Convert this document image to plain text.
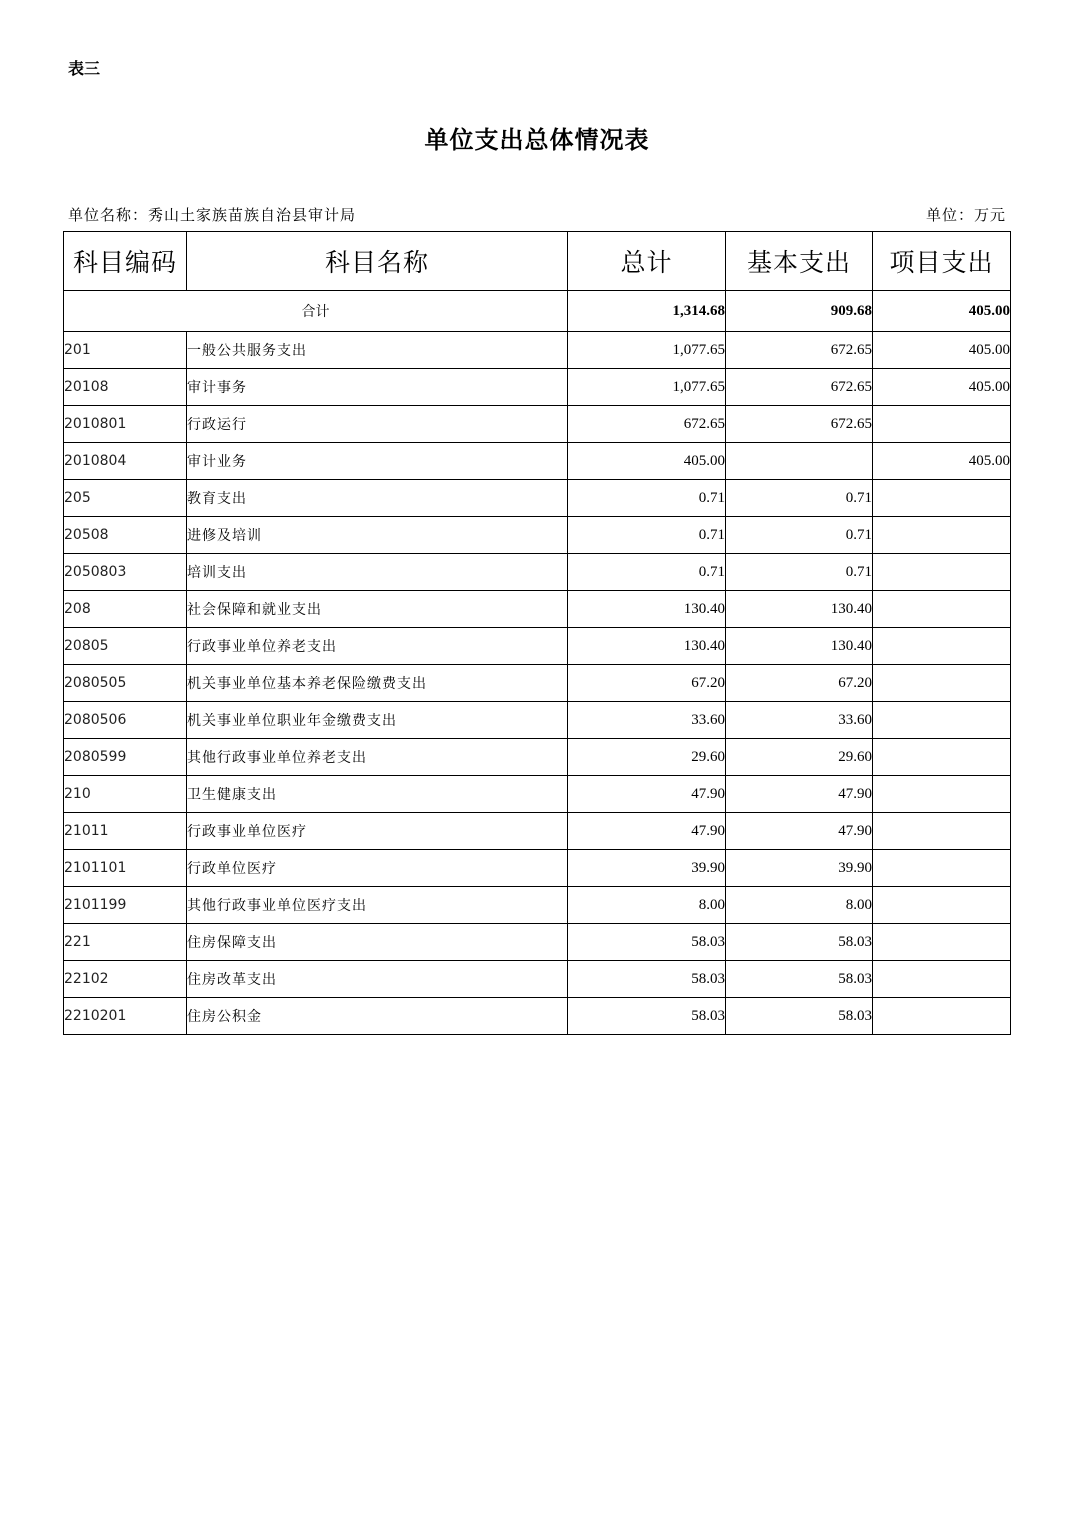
表三
单位支出总体情况表
单位名称：秀山土家族苗族自治县审计局	单位：万元
科目编码	科目名称	总计	基本支出	项目支出
合计		1,314.68	909.68	405.00
201	一般公共服务支出	1,077.65	672.65	405.00
20108	审计事务	1,077.65	672.65	405.00
2010801	行政运行	672.65	672.65	
2010804	审计业务	405.00		405.00
205	教育支出	0.71	0.71	
20508	进修及培训	0.71	0.71	
2050803	培训支出	0.71	0.71	
208	社会保障和就业支出	130.40	130.40	
20805	行政事业单位养老支出	130.40	130.40	
2080505	机关事业单位基本养老保险缴费支出	67.20	67.20	
2080506	机关事业单位职业年金缴费支出	33.60	33.60	
2080599	其他行政事业单位养老支出	29.60	29.60	
210	卫生健康支出	47.90	47.90	
21011	行政事业单位医疗	47.90	47.90	
2101101	行政单位医疗	39.90	39.90	
2101199	其他行政事业单位医疗支出	8.00	8.00	
221	住房保障支出	58.03	58.03	
22102	住房改革支出	58.03	58.03	
2210201	住房公积金	58.03	58.03	
